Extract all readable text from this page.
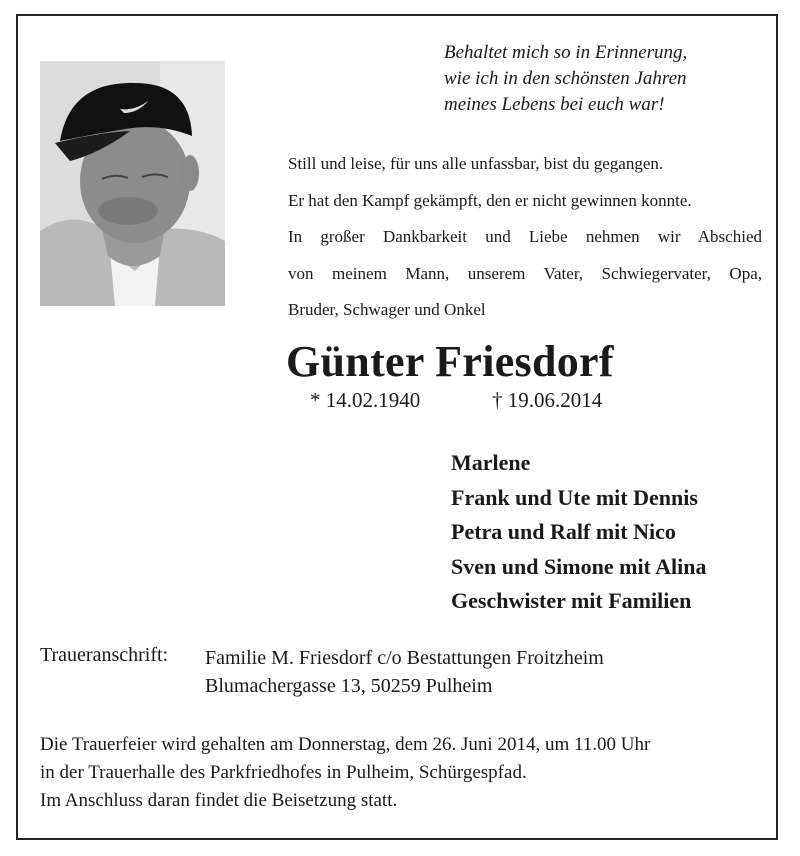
Behaltet mich so in Erinnerung,
wie ich in den schönsten Jahren
meines Lebens bei euch war!
Still und leise, für uns alle unfassbar, bist du gegangen.
Er hat den Kampf gekämpft, den er nicht gewinnen konnte.
In großer Dankbarkeit und Liebe nehmen wir Abschied
von meinem Mann, unserem Vater, Schwiegervater, Opa,
Bruder, Schwager und Onkel
Günter Friesdorf
* 14.02.1940	† 19.06.2014
Marlene
Frank und Ute mit Dennis
Petra und Ralf mit Nico
Sven und Simone mit Alina
Geschwister mit Familien
Traueranschrift: Familie M. Friesdorf c/o Bestattungen Froitzheim
Blumachergasse 13, 50259 Pulheim
Die Trauerfeier wird gehalten am Donnerstag, dem 26. Juni 2014, um 11.00 Uhr
in der Trauerhalle des Parkfriedhofes in Pulheim, Schürgespfad.
Im Anschluss daran findet die Beisetzung statt.
